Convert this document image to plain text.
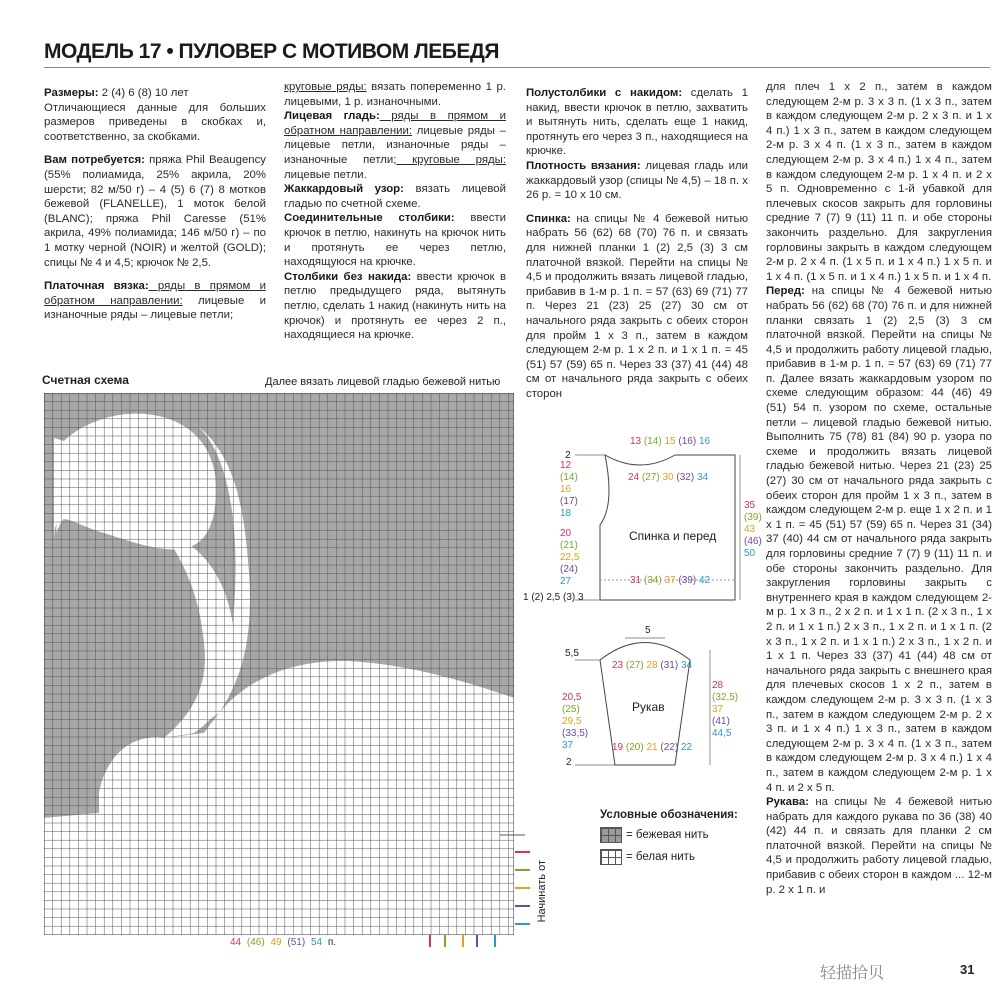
МОДЕЛЬ 17 • ПУЛОВЕР С МОТИВОМ ЛЕБЕДЯ

Размеры: 2 (4) 6 (8) 10 лет

Отличающиеся данные для больших размеров приведены в скобках и, соответственно, за скобками.

Вам потребуется: пряжа Phil Beaugency (55% полиамида, 25% акрила, 20% шерсти; 82 м/50 г) – 4 (5) 6 (7) 8 мотков бежевой (FLANELLE), 1 моток белой (BLANC); пряжа Phil Caresse (51% акрила, 49% полиамида; 146 м/50 г) – по 1 мотку черной (NOIR) и желтой (GOLD); спицы № 4 и 4,5; крючок № 2,5.

Платочная вязка: ряды в прямом и обратном направлении: лицевые и изнаночные ряды – лицевые петли;

круговые ряды: вязать попеременно 1 р. лицевыми, 1 р. изнаночными.

Лицевая гладь: ряды в прямом и обратном направлении: лицевые ряды – лицевые петли, изнаночные ряды – изнаночные петли; круговые ряды: лицевые петли.

Жаккардовый узор: вязать лицевой гладью по счетной схеме.

Соединительные столбики: ввести крючок в петлю, накинуть на крючок нить и протянуть ее через петлю, находящуюся на крючке.

Столбики без накида: ввести крючок в петлю предыдущего ряда, вытянуть петлю, сделать 1 накид (накинуть нить на крючок) и протянуть ее через 2 п., находящиеся на крючке.

Полустолбики с накидом: сделать 1 накид, ввести крючок в петлю, захватить и вытянуть нить, сделать еще 1 накид, протянуть его через 3 п., находящиеся на крючке.

Плотность вязания: лицевая гладь или жаккардовый узор (спицы № 4,5) – 18 п. х 26 р. = 10 х 10 см.

Спинка: на спицы № 4 бежевой нитью набрать 56 (62) 68 (70) 76 п. и связать для нижней планки 1 (2) 2,5 (3) 3 см платочной вязкой. Перейти на спицы № 4,5 и продолжить вязать лицевой гладью, прибавив в 1-м р. 1 п. = 57 (63) 69 (71) 77 п. Через 21 (23) 25 (27) 30 см от начального ряда закрыть с обеих сторон для пройм 1 х 3 п., затем в каждом следующем 2-м р. 1 х 2 п. и 1 х 1 п. = 45 (51) 57 (59) 65 п. Через 33 (37) 41 (44) 48 см от начального ряда закрыть с обеих сторон

для плеч 1 х 2 п., затем в каждом следующем 2-м р. 3 х 3 п. (1 х 3 п., затем в каждом следующем 2-м р. 2 х 3 п. и 1 х 4 п.) 1 х 3 п., затем в каждом следующем 2-м р. 3 х 4 п. (1 х 3 п., затем в каждом следующем 2-м р. 3 х 4 п.) 1 х 4 п., затем в каждом следующем 2-м р. 1 х 4 п. и 2 х 5 п. Одновременно с 1-й убавкой для плечевых скосов закрыть для горловины средние 7 (7) 9 (11) 11 п. и обе стороны закончить раздельно. Для закругления горловины закрыть в каждом следующем 2-м р. 2 х 4 п. (1 х 5 п. и 1 х 4 п.) 1 х 5 п. и 1 х 4 п. (1 х 5 п. и 1 х 4 п.) 1 х 5 п. и 1 х 4 п.

Перед: на спицы № 4 бежевой нитью набрать 56 (62) 68 (70) 76 п. и для нижней планки связать 1 (2) 2,5 (3) 3 см платочной вязкой. Перейти на спицы № 4,5 и продолжить работу лицевой гладью, прибавив в 1-м р. 1 п. = 57 (63) 69 (71) 77 п. Далее вязать жаккардовым узором по схеме следующим образом: 44 (46) 49 (51) 54 п. узором по схеме, остальные петли – лицевой гладью бежевой нитью. Выполнить 75 (78) 81 (84) 90 р. узора по схеме и продолжить вязать лицевой гладью бежевой нитью. Через 21 (23) 25 (27) 30 см от начального ряда закрыть с обеих сторон для пройм 1 х 3 п., затем в каждом следующем 2-м р. еще 1 х 2 п. и 1 х 1 п. = 45 (51) 57 (59) 65 п. Через 31 (34) 37 (40) 44 см от начального ряда закрыть для горловины средние 7 (7) 9 (11) 11 п. и обе стороны закончить раздельно. Для закругления горловины закрыть с внутреннего края в каждом следующем 2-м р. 1 х 3 п., 2 х 2 п. и 1 х 1 п. (2 х 3 п., 1 х 2 п. и 1 х 1 п.) 2 х 3 п., 1 х 2 п. и 1 х 1 п. (2 х 3 п., 1 х 2 п. и 1 х 1 п.) 2 х 3 п., 1 х 2 п. и 1 х 1 п. Через 33 (37) 41 (44) 48 см от начального ряда закрыть с внешнего края для плечевых скосов 1 х 2 п., затем в каждом следующем 2-м р. 3 х 3 п. (1 х 3 п., затем в каждом следующем 2-м р. 2 х 3 п. и 1 х 4 п.) 1 х 3 п., затем в каждом следующем 2-м р. 3 х 4 п. (1 х 3 п., затем в каждом следующем 2-м р. 3 х 4 п.) 1 х 4 п., затем в каждом следующем 2-м р. 1 х 4 п. и 2 х 5 п.

Рукава: на спицы № 4 бежевой нитью набрать для каждого рукава по 36 (38) 40 (42) 44 п. и связать для планки 2 см платочной вязкой. Перейти на спицы № 4,5 и продолжить работу лицевой гладью, прибавив с обеих сторон в каждом ... 12-м р. 2 х 1 п. и

Счетная схема	Далее вязать лицевой гладью бежевой нитью
Начинать от
44 (46) 49 (51) 54 п.
Спинка и перед
13 (14) 15 (16) 16
24 (27) 30 (32) 34
31 (34) 37 (39) 42
2
12
(14)
16
(17)
18
20
(21)
22,5
(24)
27
1 (2) 2,5 (3) 3
35
(39)
43
(46)
50
5
5,5
23 (27) 28 (31) 34
Рукав
19 (20) 21 (22) 22
20,5
(25)
29,5
(33,5)
37
28
(32,5)
37
(41)
44,5
2
Условные обозначения:
= бежевая нить
= белая нить
轻描拾贝	31
